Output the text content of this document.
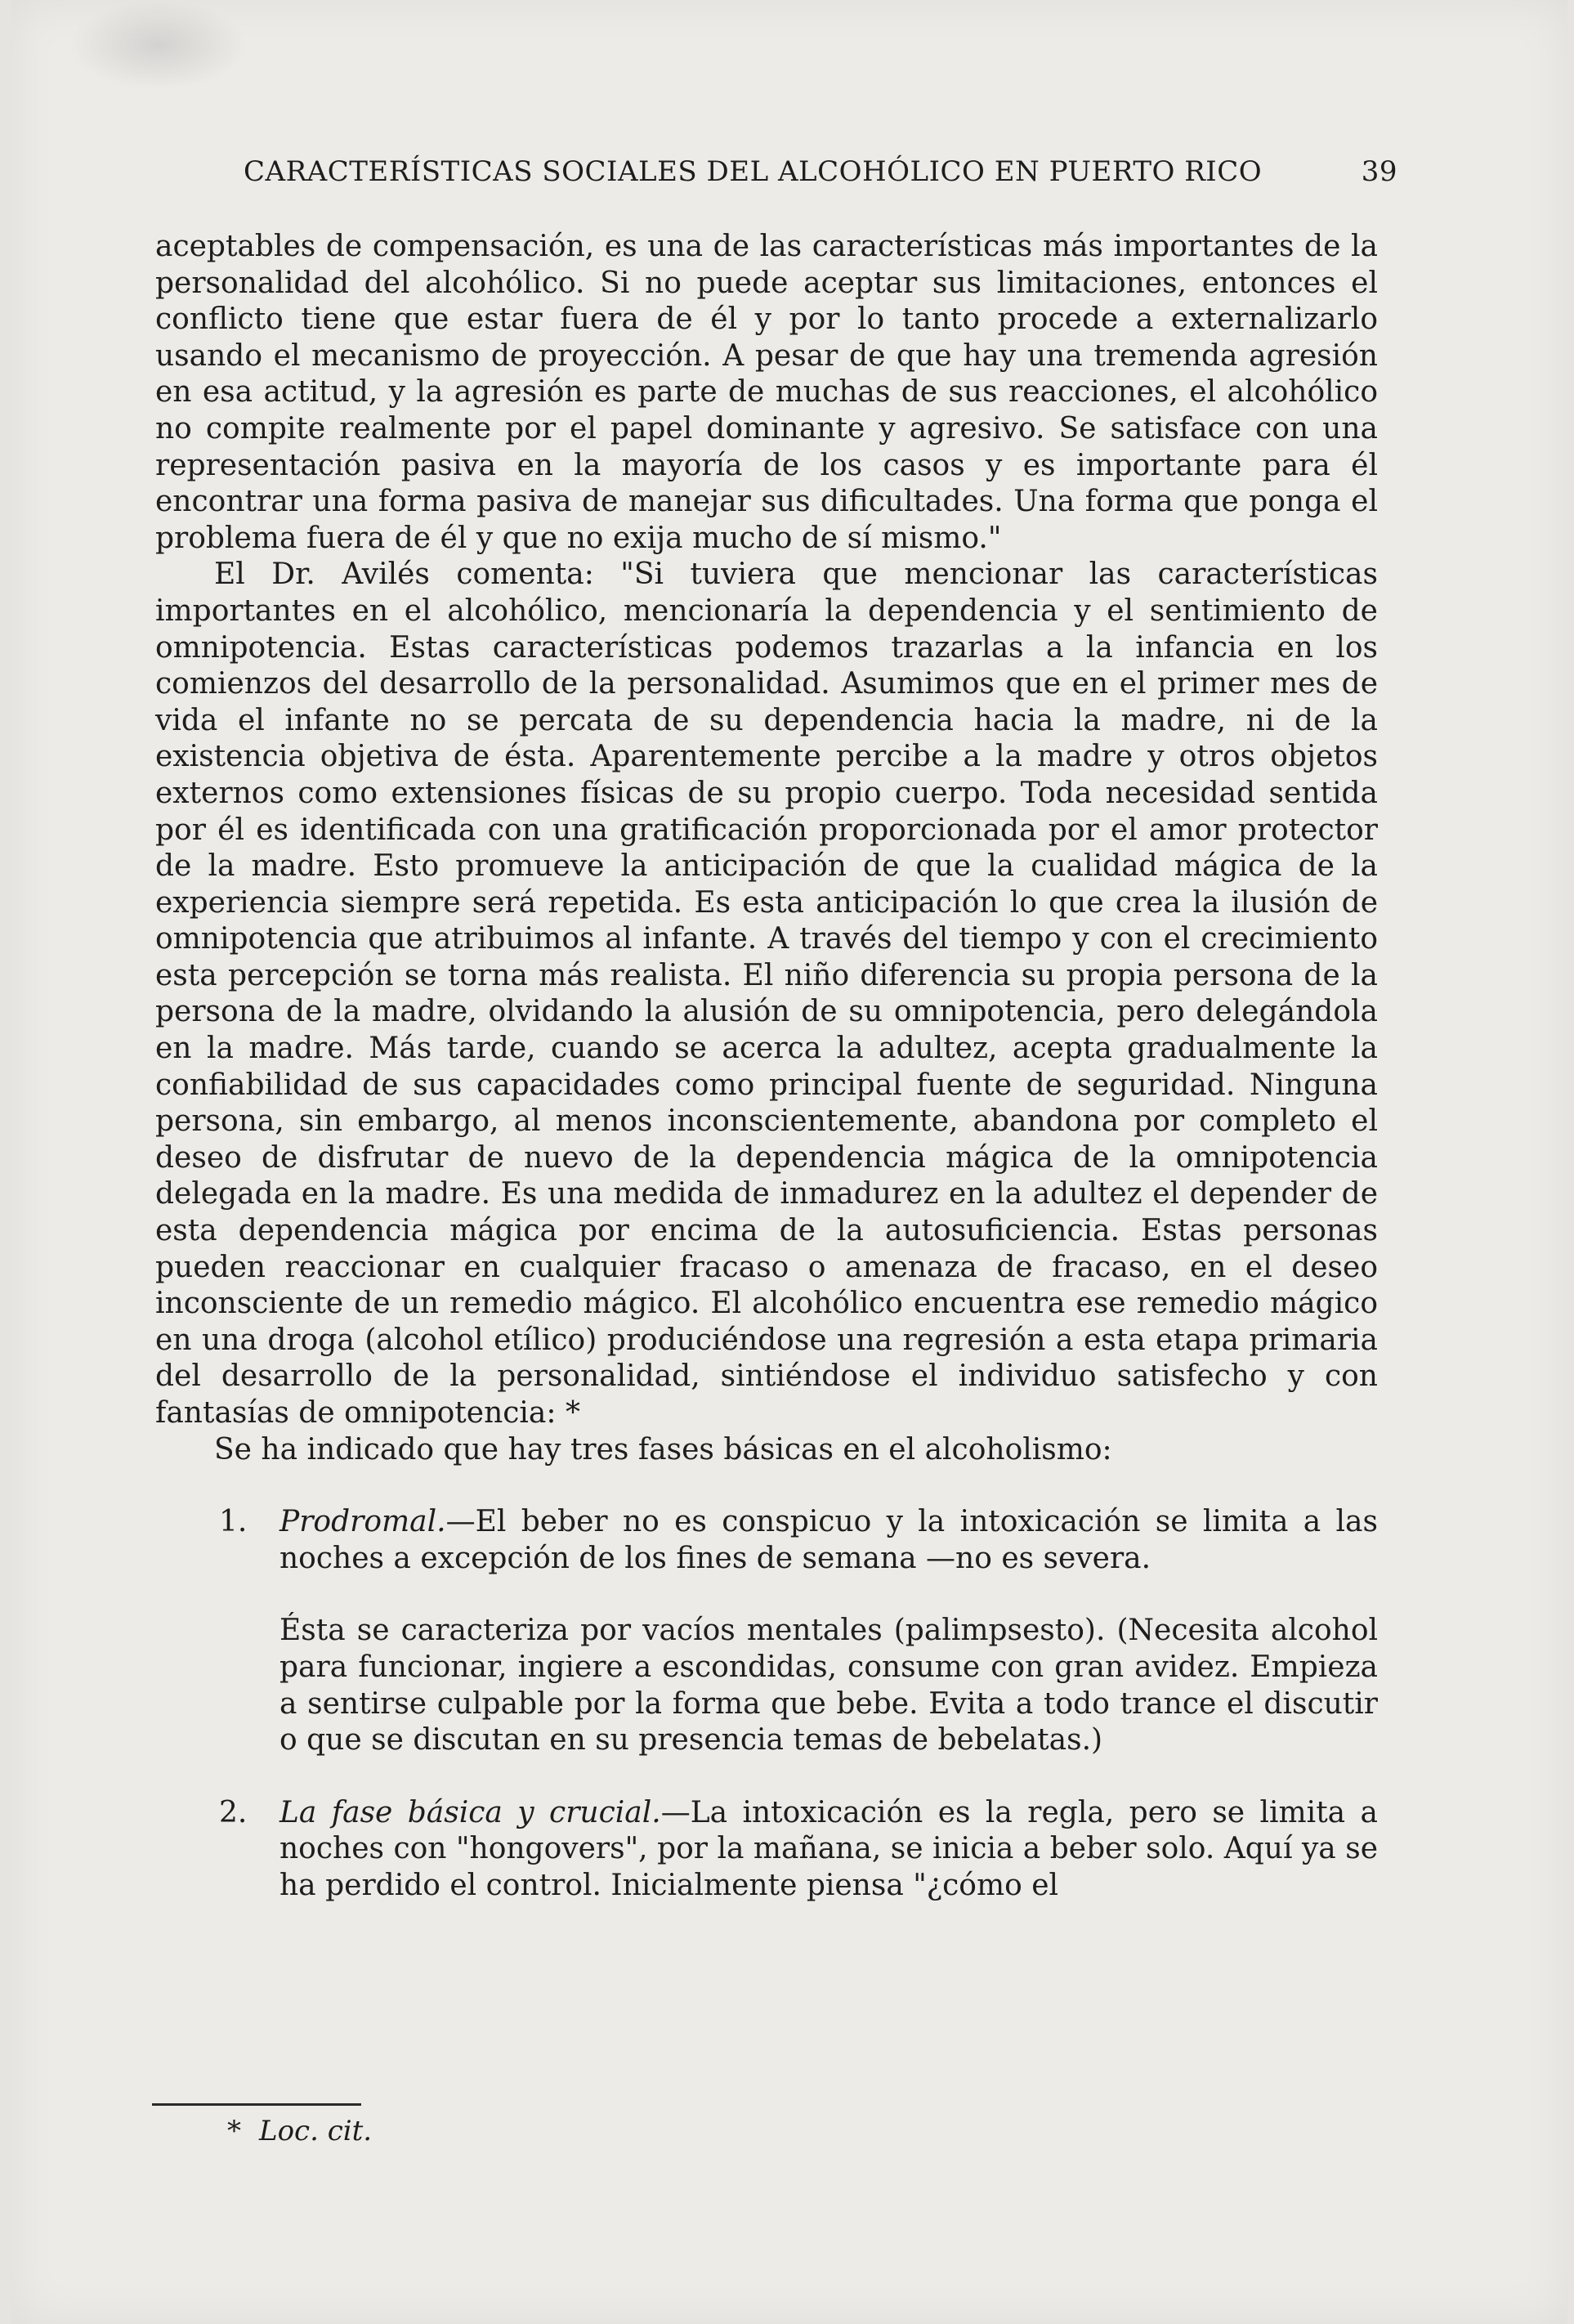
CARACTERÍSTICAS SOCIALES DEL ALCOHÓLICO EN PUERTO RICO	39

aceptables de compensación, es una de las características más importantes de la personalidad del alcohólico. Si no puede aceptar sus limitaciones, entonces el conflicto tiene que estar fuera de él y por lo tanto procede a externalizarlo usando el mecanismo de proyección. A pesar de que hay una tremenda agresión en esa actitud, y la agresión es parte de muchas de sus reacciones, el alcohólico no compite realmente por el papel dominante y agresivo. Se satisface con una representación pasiva en la mayoría de los casos y es importante para él encontrar una forma pasiva de manejar sus dificultades. Una forma que ponga el problema fuera de él y que no exija mucho de sí mismo."

El Dr. Avilés comenta: "Si tuviera que mencionar las características importantes en el alcohólico, mencionaría la dependencia y el sentimiento de omnipotencia. Estas características podemos trazarlas a la infancia en los comienzos del desarrollo de la personalidad. Asumimos que en el primer mes de vida el infante no se percata de su dependencia hacia la madre, ni de la existencia objetiva de ésta. Aparentemente percibe a la madre y otros objetos externos como extensiones físicas de su propio cuerpo. Toda necesidad sentida por él es identificada con una gratificación proporcionada por el amor protector de la madre. Esto promueve la anticipación de que la cualidad mágica de la experiencia siempre será repetida. Es esta anticipación lo que crea la ilusión de omnipotencia que atribuimos al infante. A través del tiempo y con el crecimiento esta percepción se torna más realista. El niño diferencia su propia persona de la persona de la madre, olvidando la alusión de su omnipotencia, pero delegándola en la madre. Más tarde, cuando se acerca la adultez, acepta gradualmente la confiabilidad de sus capacidades como principal fuente de seguridad. Ninguna persona, sin embargo, al menos inconscientemente, abandona por completo el deseo de disfrutar de nuevo de la dependencia mágica de la omnipotencia delegada en la madre. Es una medida de inmadurez en la adultez el depender de esta dependencia mágica por encima de la autosuficiencia. Estas personas pueden reaccionar en cualquier fracaso o amenaza de fracaso, en el deseo inconsciente de un remedio mágico. El alcohólico encuentra ese remedio mágico en una droga (alcohol etílico) produciéndose una regresión a esta etapa primaria del desarrollo de la personalidad, sintiéndose el individuo satisfecho y con fantasías de omnipotencia: *

Se ha indicado que hay tres fases básicas en el alcoholismo:

1. Prodromal.—El beber no es conspicuo y la intoxicación se limita a las noches a excepción de los fines de semana —no es severa.

Ésta se caracteriza por vacíos mentales (palimpsesto). (Necesita alcohol para funcionar, ingiere a escondidas, consume con gran avidez. Empieza a sentirse culpable por la forma que bebe. Evita a todo trance el discutir o que se discutan en su presencia temas de bebelatas.)

2. La fase básica y crucial.—La intoxicación es la regla, pero se limita a noches con "hongovers", por la mañana, se inicia a beber solo. Aquí ya se ha perdido el control. Inicialmente piensa "¿cómo el

* Loc. cit.
